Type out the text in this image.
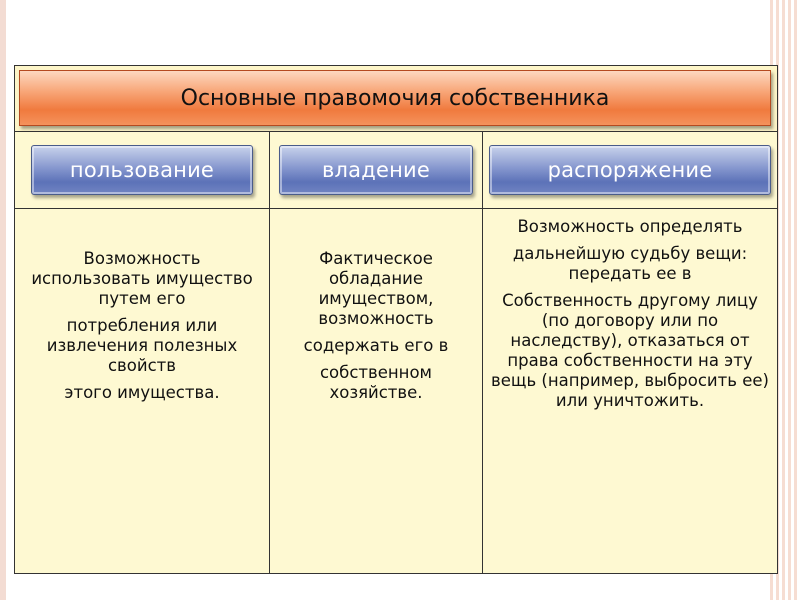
Основные правомочия собственника
пользование	владение	распоряжение

Возможность использовать имущество путем его

потребления или извлечения полезных свойств

этого имущества.

Фактическое обладание имуществом, возможность

содержать его в

собственном хозяйстве.

Возможность определять

дальнейшую судьбу вещи: передать ее в

Собственность другому лицу (по договору или по наследству), отказаться от права собственности на эту вещь (например, выбросить ее) или уничтожить.
